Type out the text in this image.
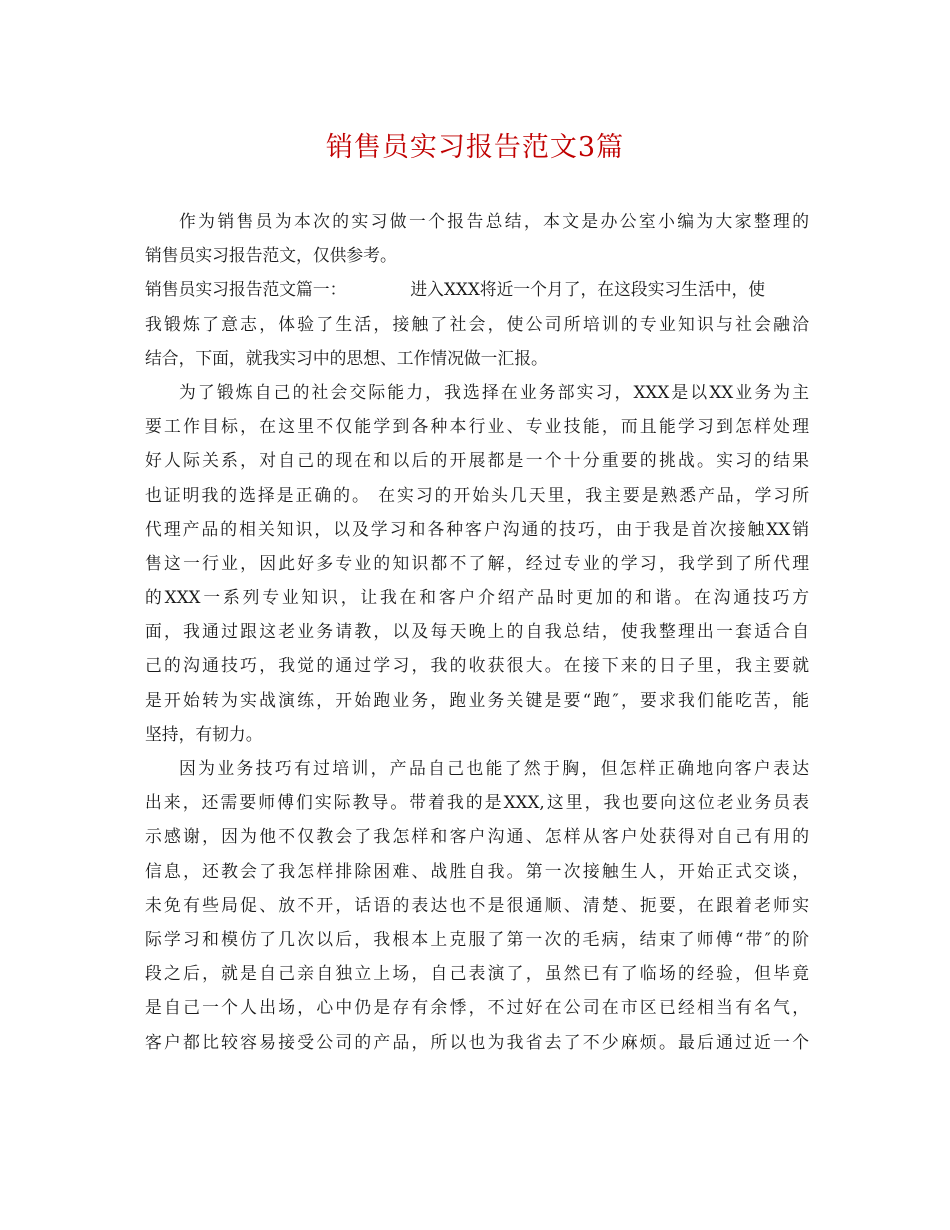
销售员实习报告范文3篇
作为销售员为本次的实习做一个报告总结，本文是办公室小编为大家整理的
销售员实习报告范文，仅供参考。
销售员实习报告范文篇一：	进入XXX将近一个月了，在这段实习生活中，使
我锻炼了意志，体验了生活，接触了社会，使公司所培训的专业知识与社会融洽
结合，下面，就我实习中的思想、工作情况做一汇报。
为了锻炼自己的社会交际能力，我选择在业务部实习，XXX是以XX业务为主
要工作目标，在这里不仅能学到各种本行业、专业技能，而且能学习到怎样处理
好人际关系，对自己的现在和以后的开展都是一个十分重要的挑战。实习的结果
也证明我的选择是正确的。 在实习的开始头几天里，我主要是熟悉产品，学习所
代理产品的相关知识，以及学习和各种客户沟通的技巧，由于我是首次接触XX销
售这一行业，因此好多专业的知识都不了解，经过专业的学习，我学到了所代理
的XXX一系列专业知识，让我在和客户介绍产品时更加的和谐。在沟通技巧方
面，我通过跟这老业务请教，以及每天晚上的自我总结，使我整理出一套适合自
己的沟通技巧，我觉的通过学习，我的收获很大。在接下来的日子里，我主要就
是开始转为实战演练，开始跑业务，跑业务关键是要“跑″，要求我们能吃苦，能
坚持，有韧力。
因为业务技巧有过培训，产品自己也能了然于胸，但怎样正确地向客户表达
出来，还需要师傅们实际教导。带着我的是XXX,这里，我也要向这位老业务员表
示感谢，因为他不仅教会了我怎样和客户沟通、怎样从客户处获得对自己有用的
信息，还教会了我怎样排除困难、战胜自我。第一次接触生人，开始正式交谈，
未免有些局促、放不开，话语的表达也不是很通顺、清楚、扼要，在跟着老师实
际学习和模仿了几次以后，我根本上克服了第一次的毛病，结束了师傅“带″的阶
段之后，就是自己亲自独立上场，自己表演了，虽然已有了临场的经验，但毕竟
是自己一个人出场，心中仍是存有余悸，不过好在公司在市区已经相当有名气，
客户都比较容易接受公司的产品，所以也为我省去了不少麻烦。最后通过近一个
